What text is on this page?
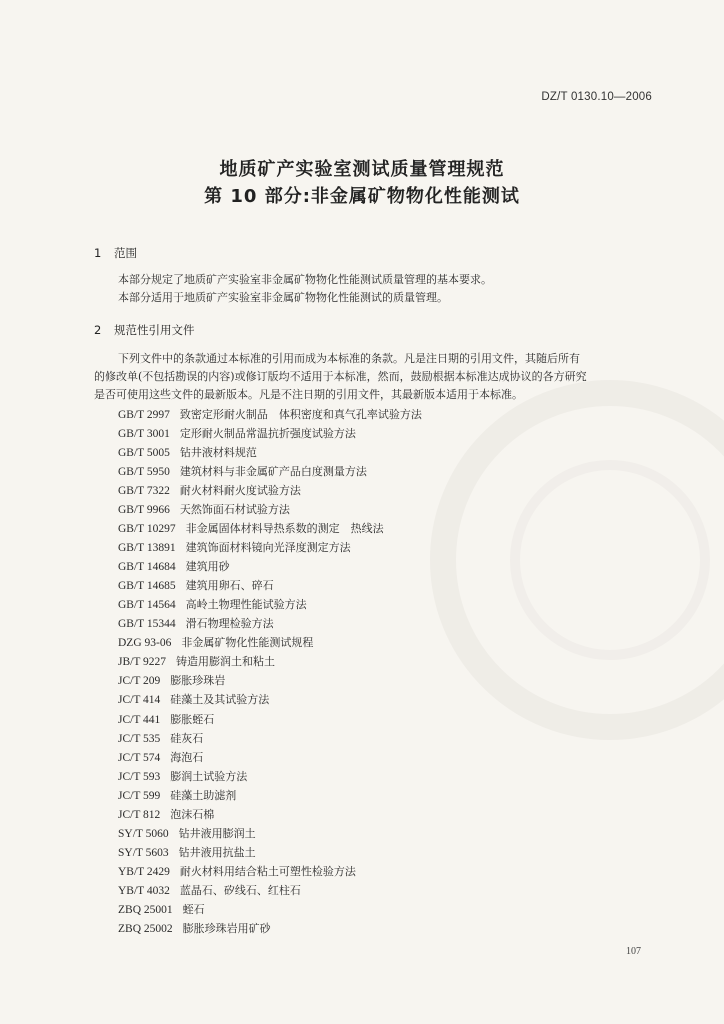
DZ/T 0130.10—2006
地质矿产实验室测试质量管理规范
第 10 部分:非金属矿物物化性能测试
1 范围
本部分规定了地质矿产实验室非金属矿物物化性能测试质量管理的基本要求。
本部分适用于地质矿产实验室非金属矿物物化性能测试的质量管理。
2 规范性引用文件
下列文件中的条款通过本标准的引用而成为本标准的条款。凡是注日期的引用文件，其随后所有
的修改单(不包括勘误的内容)或修订版均不适用于本标准，然而，鼓励根据本标准达成协议的各方研究
是否可使用这些文件的最新版本。凡是不注日期的引用文件，其最新版本适用于本标准。
GB/T 2997 致密定形耐火制品　体积密度和真气孔率试验方法
GB/T 3001 定形耐火制品常温抗折强度试验方法
GB/T 5005 钻井液材料规范
GB/T 5950 建筑材料与非金属矿产品白度测量方法
GB/T 7322 耐火材料耐火度试验方法
GB/T 9966 天然饰面石材试验方法
GB/T 10297 非金属固体材料导热系数的测定　热线法
GB/T 13891 建筑饰面材料镜向光泽度测定方法
GB/T 14684 建筑用砂
GB/T 14685 建筑用卵石、碎石
GB/T 14564 高岭土物理性能试验方法
GB/T 15344 滑石物理检验方法
DZG 93-06 非金属矿物化性能测试规程
JB/T 9227 铸造用膨润土和粘土
JC/T 209 膨胀珍珠岩
JC/T 414 硅藻土及其试验方法
JC/T 441 膨胀蛭石
JC/T 535 硅灰石
JC/T 574 海泡石
JC/T 593 膨润土试验方法
JC/T 599 硅藻土助滤剂
JC/T 812 泡沫石棉
SY/T 5060 钻井液用膨润土
SY/T 5603 钻井液用抗盐土
YB/T 2429 耐火材料用结合粘土可塑性检验方法
YB/T 4032 蓝晶石、矽线石、红柱石
ZBQ 25001 蛭石
ZBQ 25002 膨胀珍珠岩用矿砂
107
